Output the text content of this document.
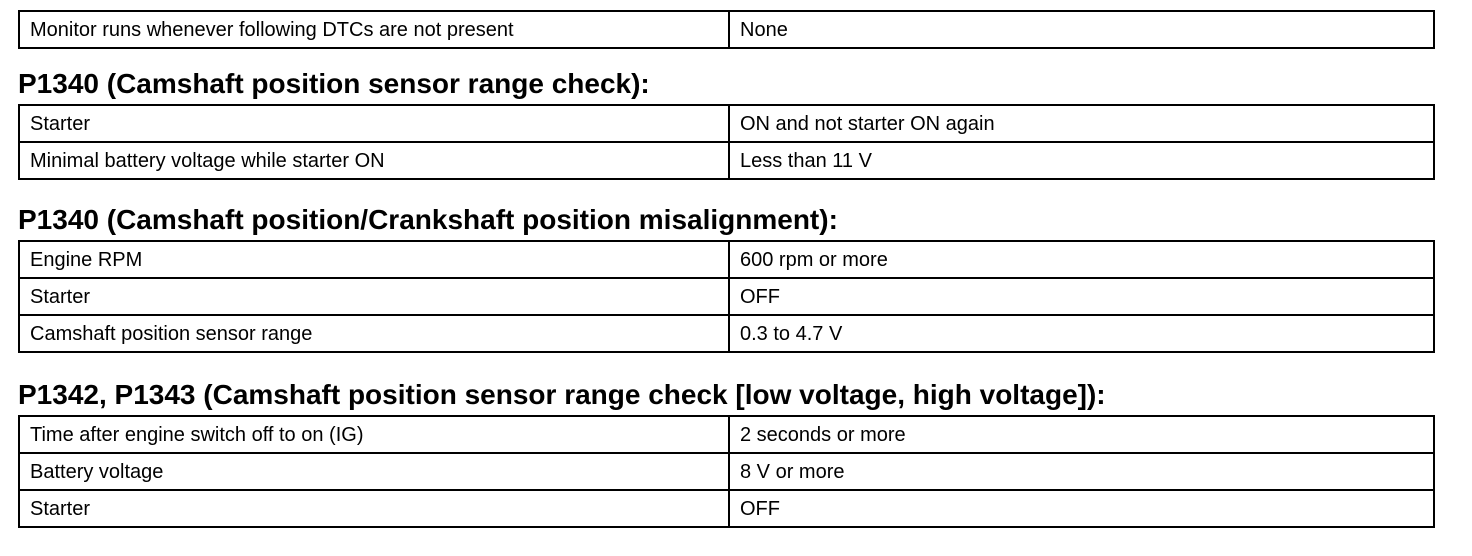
Monitor runs whenever following DTCs are not present	None
P1340 (Camshaft position sensor range check):
Starter	ON and not starter ON again
Minimal battery voltage while starter ON	Less than 11 V
P1340 (Camshaft position/Crankshaft position misalignment):
Engine RPM	600 rpm or more
Starter	OFF
Camshaft position sensor range	0.3 to 4.7 V
P1342, P1343 (Camshaft position sensor range check [low voltage, high voltage]):
Time after engine switch off to on (IG)	2 seconds or more
Battery voltage	8 V or more
Starter	OFF
